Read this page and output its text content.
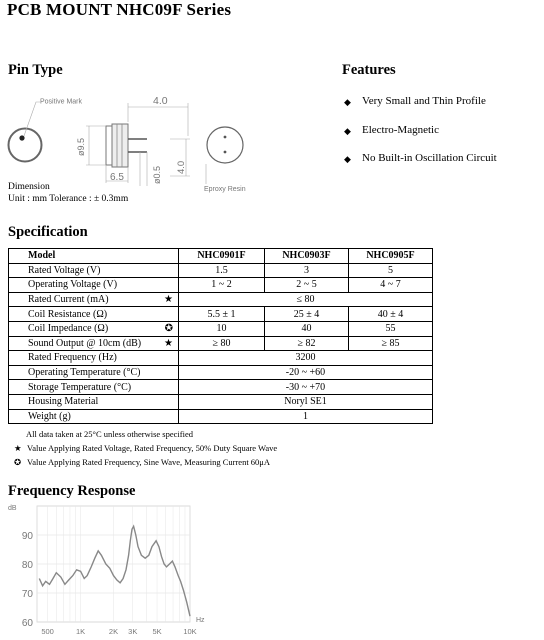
PCB MOUNT NHC09F Series
Pin Type
Positive Mark	4.0
ø9.5
6.5	ø0.5 4.0
Eproxy Resin
Dimension
Unit : mm Tolerance : ± 0.3mm
Features
◆	Very Small and Thin Profile
◆	Electro-Magnetic
◆	No Built-in Oscillation Circuit
Specification
Model	NHC0901F	NHC0903F	NHC0905F
Rated Voltage (V)	1.5	3	5
Operating Voltage (V)	1 ~ 2	2 ~ 5	4 ~ 7
Rated Current (mA) ★	≤ 80		
Coil Resistance (Ω)	5.5 ± 1	25 ± 4	40 ± 4
Coil Impedance (Ω) ✪	10	40	55
Sound Output @ 10cm (dB) ★	≥ 80	≥ 82	≥ 85
Rated Frequency (Hz)	3200		
Operating Temperature (°C)	-20 ~ +60		
Storage Temperature (°C)	-30 ~ +70		
Housing Material	Noryl SE1		
Weight (g)	1		
All data taken at 25°C unless otherwise specified
★ Value Applying Rated Voltage, Rated Frequency, 50% Duty Square Wave
✪ Value Applying Rated Frequency, Sine Wave, Measuring Current 60μA
Frequency Response
60
70
80
90
500	1K	2K 3K 5K	10K
dB
Hz
